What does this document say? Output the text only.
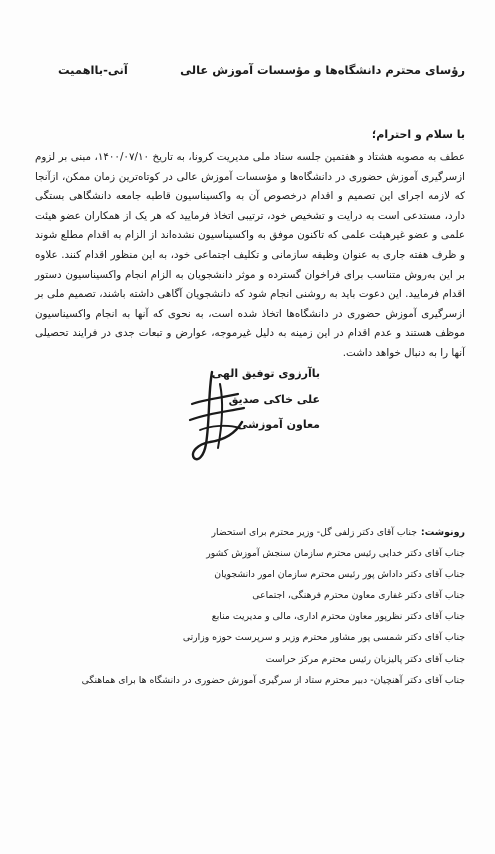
رؤسای محترم دانشگاه‌ها و مؤسسات آموزش عالی
آنی-بااهمیت
با سلام و احترام؛
عطف به مصوبه هشتاد و هفتمین جلسه ستاد ملی مدیریت کرونا، به تاریخ ۱۴۰۰/۰۷/۱۰، مبنی بر لزوم ازسرگیری آموزش حضوری در دانشگاه‌ها و مؤسسات آموزش عالی در کوتاه‌ترین زمان ممکن، ازآنجا که لازمه اجرای این تصمیم و اقدام درخصوص آن به واکسیناسیون قاطبه جامعه دانشگاهی بستگی دارد، مستدعی است به درایت و تشخیص خود، ترتیبی اتخاذ فرمایید که هر یک از همکاران عضو هیئت علمی و عضو غیرهیئت علمی که تاکنون موفق به واکسیناسیون نشده‌اند از الزام به اقدام مطلع شوند و ظرف هفته جاری به عنوان وظیفه سازمانی و تکلیف اجتماعی خود، به این منظور اقدام کنند. علاوه بر این به‌روش متناسب برای فراخوان گسترده و موثر دانشجویان به الزام انجام واکسیناسیون دستور اقدام فرمایید. این دعوت باید به روشنی انجام شود که دانشجویان آگاهی داشته باشند، تصمیم ملی بر ازسرگیری آموزش حضوری در دانشگاه‌ها اتخاذ شده است، به نحوی که آنها به انجام واکسیناسیون موظف هستند و عدم اقدام در این زمینه به دلیل غیرموجه، عوارض و تبعات جدی در فرایند تحصیلی آنها را به دنبال خواهد داشت.
باآرزوی توفیق الهی
علی خاکی صدیق
معاون آموزشی
رونوشت:
جناب آقای دکتر زلفی گل- وزیر محترم برای استحضار
جناب آقای دکتر خدایی رئیس محترم سازمان سنجش آموزش کشور
جناب آقای دکتر داداش پور رئیس محترم سازمان امور دانشجویان
جناب آقای دکتر غفاری معاون محترم فرهنگی، اجتماعی
جناب آقای دکتر نظرپور معاون محترم اداری، مالی و مدیریت منابع
جناب آقای دکتر شمسی پور مشاور محترم وزیر و سرپرست حوزه وزارتی
جناب آقای دکتر پالیزبان رئیس محترم مرکز حراست
جناب آقای دکتر آهنچیان- دبیر محترم ستاد از سرگیری آموزش حضوری در دانشگاه ها برای هماهنگی
